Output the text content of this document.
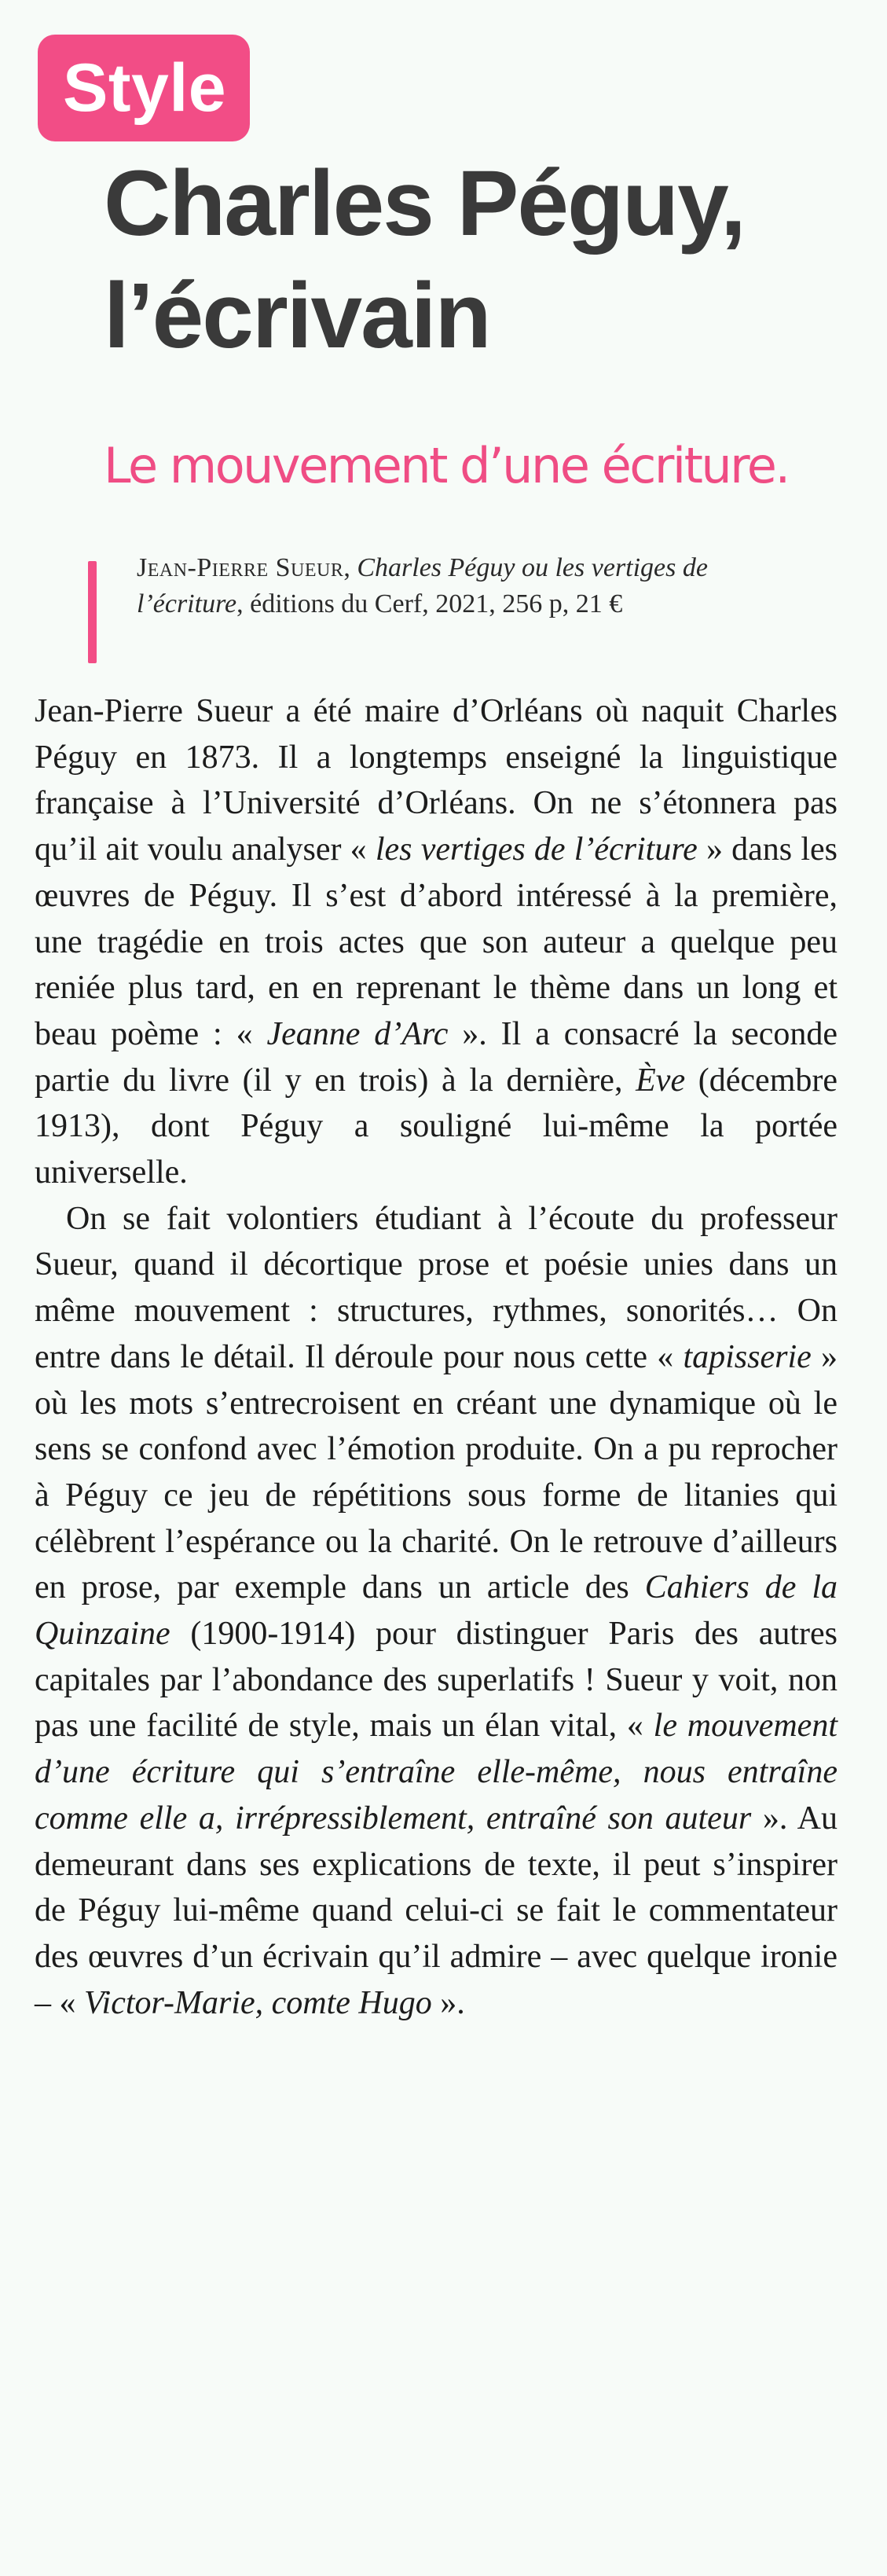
Style
Charles Péguy,
l’écrivain
Le mouvement d’une écriture.
Jean-Pierre Sueur, Charles Péguy ou les vertiges de l’écriture, éditions du Cerf, 2021, 256 p, 21 €

Jean-Pierre Sueur a été maire d’Orléans où naquit Charles Péguy en 1873. Il a longtemps enseigné la linguistique française à l’Université d’Orléans. On ne s’étonnera pas qu’il ait voulu analyser « les vertiges de l’écriture » dans les œuvres de Péguy. Il s’est d’abord intéressé à la première, une tragédie en trois actes que son auteur a quelque peu reniée plus tard, en en reprenant le thème dans un long et beau poème : « Jeanne d’Arc ». Il a consacré la seconde partie du livre (il y en trois) à la dernière, Ève (décembre 1913), dont Péguy a souligné lui-même la portée universelle.

On se fait volontiers étudiant à l’écoute du professeur Sueur, quand il décortique prose et poésie unies dans un même mouvement : structures, rythmes, sonorités… On entre dans le détail. Il déroule pour nous cette « tapisserie » où les mots s’entrecroisent en créant une dynamique où le sens se confond avec l’émotion produite. On a pu reprocher à Péguy ce jeu de répétitions sous forme de litanies qui célèbrent l’espérance ou la charité. On le retrouve d’ailleurs en prose, par exemple dans un article des Cahiers de la Quinzaine (1900-1914) pour distinguer Paris des autres capitales par l’abondance des superlatifs ! Sueur y voit, non pas une facilité de style, mais un élan vital, « le mouvement d’une écriture qui s’entraîne elle-même, nous entraîne comme elle a, irrépressiblement, entraîné son auteur ». Au demeurant dans ses explications de texte, il peut s’inspirer de Péguy lui-même quand celui-ci se fait le commentateur des œuvres d’un écrivain qu’il admire – avec quelque ironie – « Victor-Marie, comte Hugo ».
